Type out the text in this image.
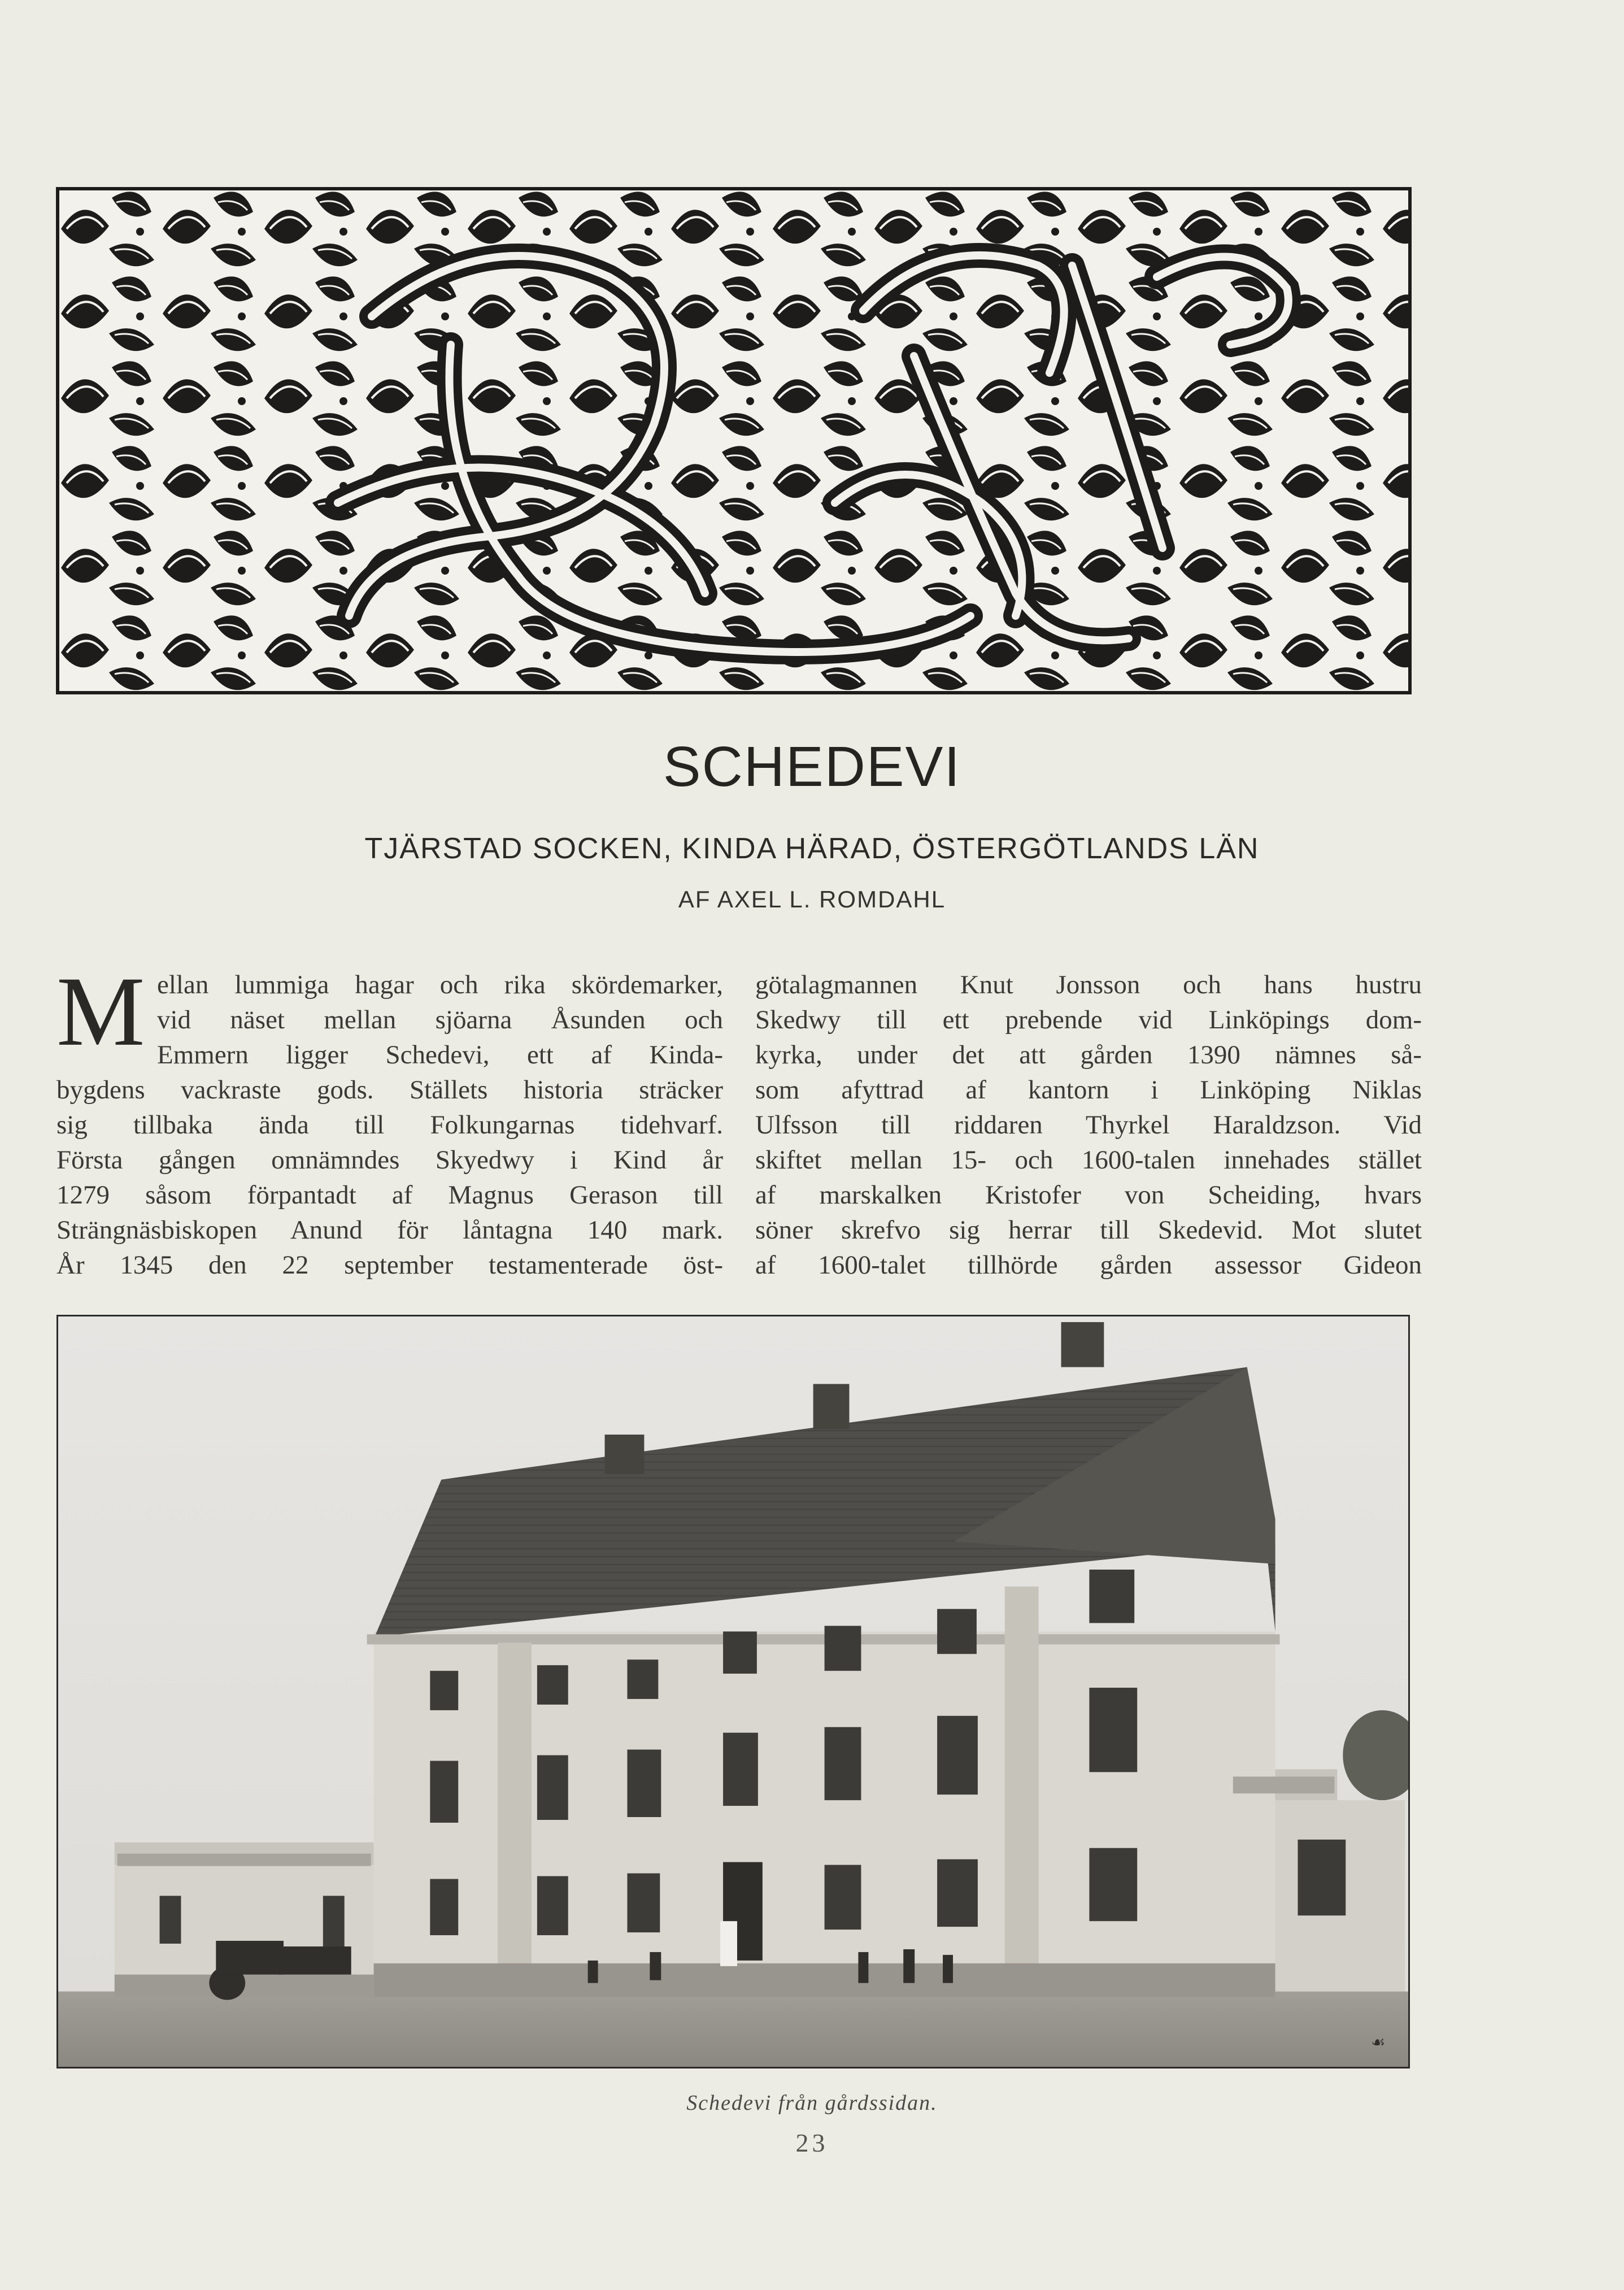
SCHEDEVI
TJÄRSTAD SOCKEN, KINDA HÄRAD, ÖSTERGÖTLANDS LÄN
AF AXEL L. ROMDAHL
M ellan lummiga hagar och rika skördemarker,
vid näset mellan sjöarna Åsunden och
Emmern ligger Schedevi, ett af Kinda-
bygdens vackraste gods. Ställets historia sträcker
sig tillbaka ända till Folkungarnas tidehvarf.
Första gången omnämndes Skyedwy i Kind år
1279 såsom förpantadt af Magnus Gerason till
Strängnäsbiskopen Anund för låntagna 140 mark.
År 1345 den 22 september testamenterade öst-
götalagmannen Knut Jonsson och hans hustru
Skedwy till ett prebende vid Linköpings dom-
kyrka, under det att gården 1390 nämnes så-
som afyttrad af kantorn i Linköping Niklas
Ulfsson till riddaren Thyrkel Haraldzson. Vid
skiftet mellan 15- och 1600-talen innehades stället
af marskalken Kristofer von Scheiding, hvars
söner skrefvo sig herrar till Skedevid. Mot slutet
af 1600-talet tillhörde gården assessor Gideon
☙
Schedevi från gårdssidan.
23
